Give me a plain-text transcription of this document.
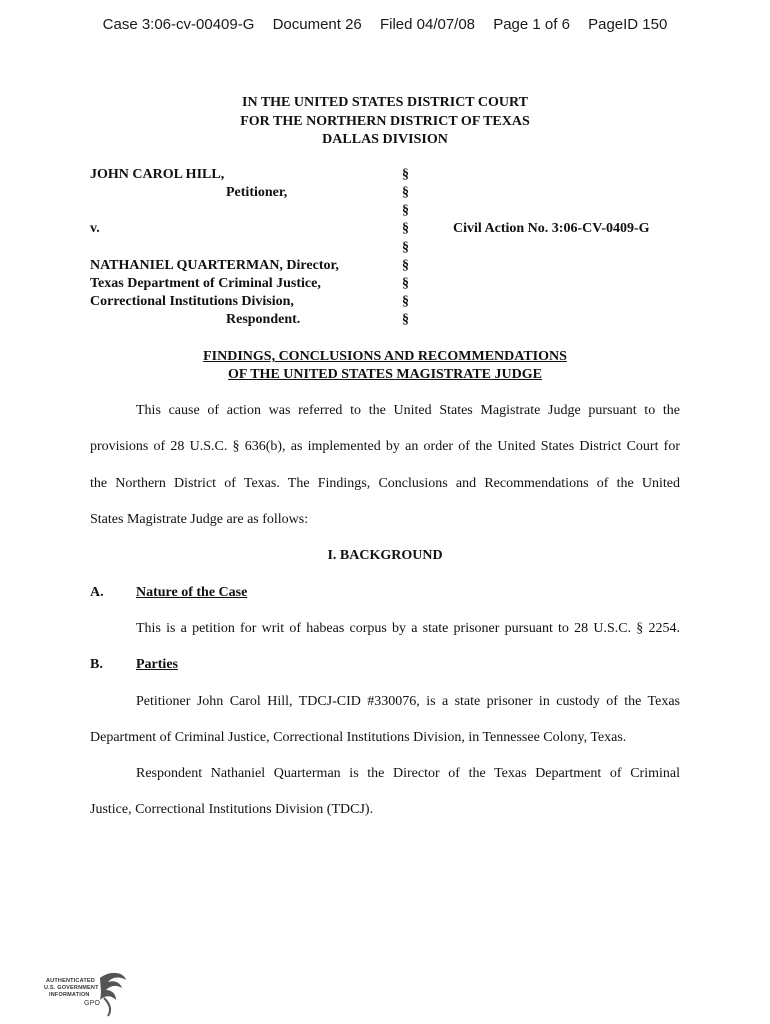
Case 3:06-cv-00409-G Document 26 Filed 04/07/08 Page 1 of 6 PageID 150
IN THE UNITED STATES DISTRICT COURT
FOR THE NORTHERN DISTRICT OF TEXAS
DALLAS DIVISION
JOHN CAROL HILL,
Petitioner,
v.
NATHANIEL QUARTERMAN, Director,
Texas Department of Criminal Justice,
Correctional Institutions Division,
Respondent.
§
§
§
§
§
§
§
§
§
Civil Action No. 3:06-CV-0409-G
FINDINGS, CONCLUSIONS AND RECOMMENDATIONS
OF THE UNITED STATES MAGISTRATE JUDGE
This cause of action was referred to the United States Magistrate Judge pursuant to the
provisions of 28 U.S.C. § 636(b), as implemented by an order of the United States District Court for
the Northern District of Texas. The Findings, Conclusions and Recommendations of the United
States Magistrate Judge are as follows:
I. BACKGROUND
A. Nature of the Case
This is a petition for writ of habeas corpus by a state prisoner pursuant to 28 U.S.C. § 2254.
B. Parties
Petitioner John Carol Hill, TDCJ-CID #330076, is a state prisoner in custody of the Texas
Department of Criminal Justice, Correctional Institutions Division, in Tennessee Colony, Texas.
Respondent Nathaniel Quarterman is the Director of the Texas Department of Criminal
Justice, Correctional Institutions Division (TDCJ).
AUTHENTICATED
U.S. GOVERNMENT
INFORMATION
GPO
